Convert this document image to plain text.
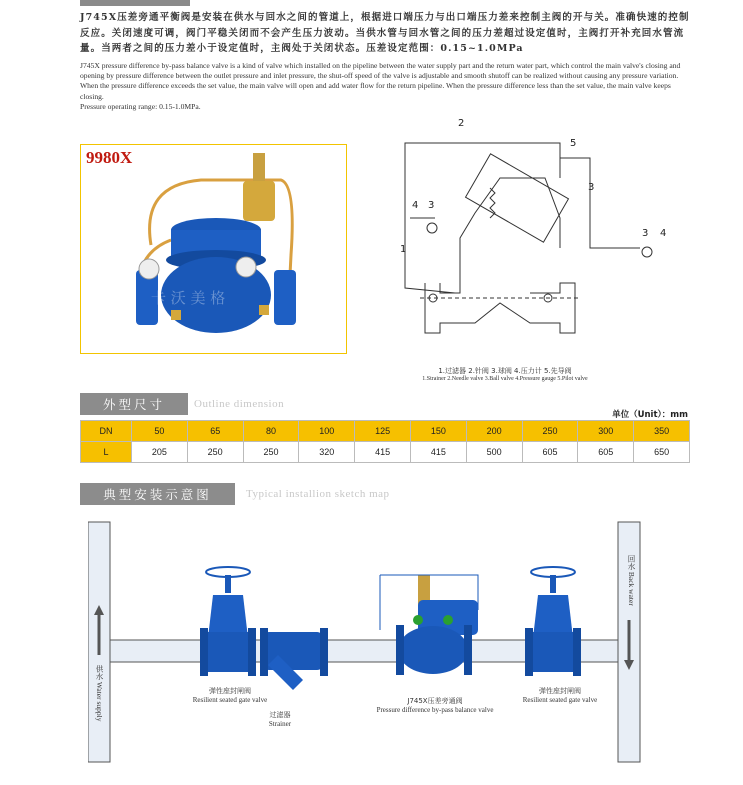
J745X压差旁通平衡阀是安装在供水与回水之间的管道上，根据进口端压力与出口端压力差来控制主阀的开与关。准确快速的控制反应。关闭速度可调，阀门平稳关闭而不会产生压力波动。当供水管与回水管之间的压力差超过设定值时，主阀打开补充回水管流量。当两者之间的压力差小于设定值时，主阀处于关闭状态。压差设定范围：0.15~1.0MPa
J745X pressure difference by-pass balance valve is a kind of valve which installed on the pipeline between the water supply part and the return water part, which control the main valve's closing and opening by pressure difference between the outlet pressure and inlet pressure, the shut-off speed of the valve is adjustable and smooth shutoff can be realized without causing any pressure variation. When the pressure difference exceeds the set value, the main valve will open and add water flow for the return pipeline. When the pressure difference less than the set value, the main valve keeps closing.
Pressure operating range: 0.15-1.0MPa.
卡 沃 美 格
9980X
1
2
3
3
3
4
4
5
1.过滤器 2.针阀 3.球阀 4.压力计 5.先导阀
1.Strainer 2.Needle valve 3.Ball valve 4.Pressure gauge 5.Pilot valve
外型尺寸	Outline dimension
单位（Unit）：mm
DN	50	65	80	100	125	150	200	250	300	350
L	205	250	250	320	415	415	500	605	605	650
典型安装示意图	Typical installion sketch map
供水 Water supply
回水 Back water
弹性座封闸阀
Resilient seated gate valve
过滤器
Strainer
J745X压差旁通阀
Pressure difference by-pass balance valve
弹性座封闸阀
Resilient seated gate valve
